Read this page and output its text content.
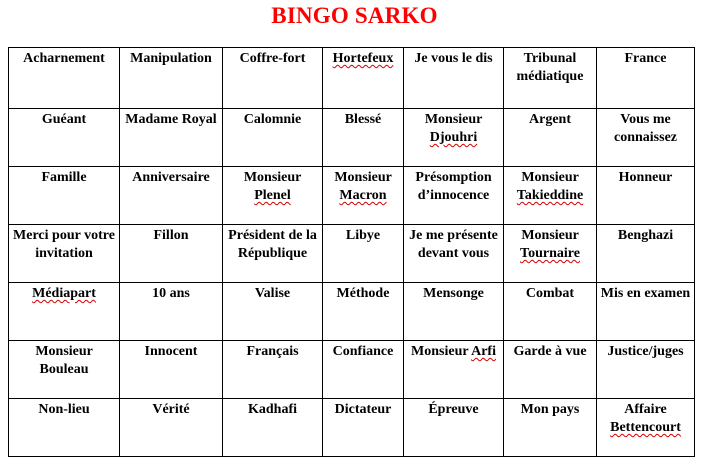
BINGO SARKO
Acharnement	Manipulation	Coffre-fort	Hortefeux	Je vous le dis	Tribunal médiatique	France
Guéant	Madame Royal	Calomnie	Blessé	Monsieur Djouhri	Argent	Vous me connaissez
Famille	Anniversaire	Monsieur Plenel	Monsieur Macron	Présomption d’innocence	Monsieur Takieddine	Honneur
Merci pour votre invitation	Fillon	Président de la République	Libye	Je me présente devant vous	Monsieur Tournaire	Benghazi
Médiapart	10 ans	Valise	Méthode	Mensonge	Combat	Mis en examen
Monsieur Bouleau	Innocent	Français	Confiance	Monsieur Arfi	Garde à vue	Justice/juges
Non-lieu	Vérité	Kadhafi	Dictateur	Épreuve	Mon pays	Affaire Bettencourt
